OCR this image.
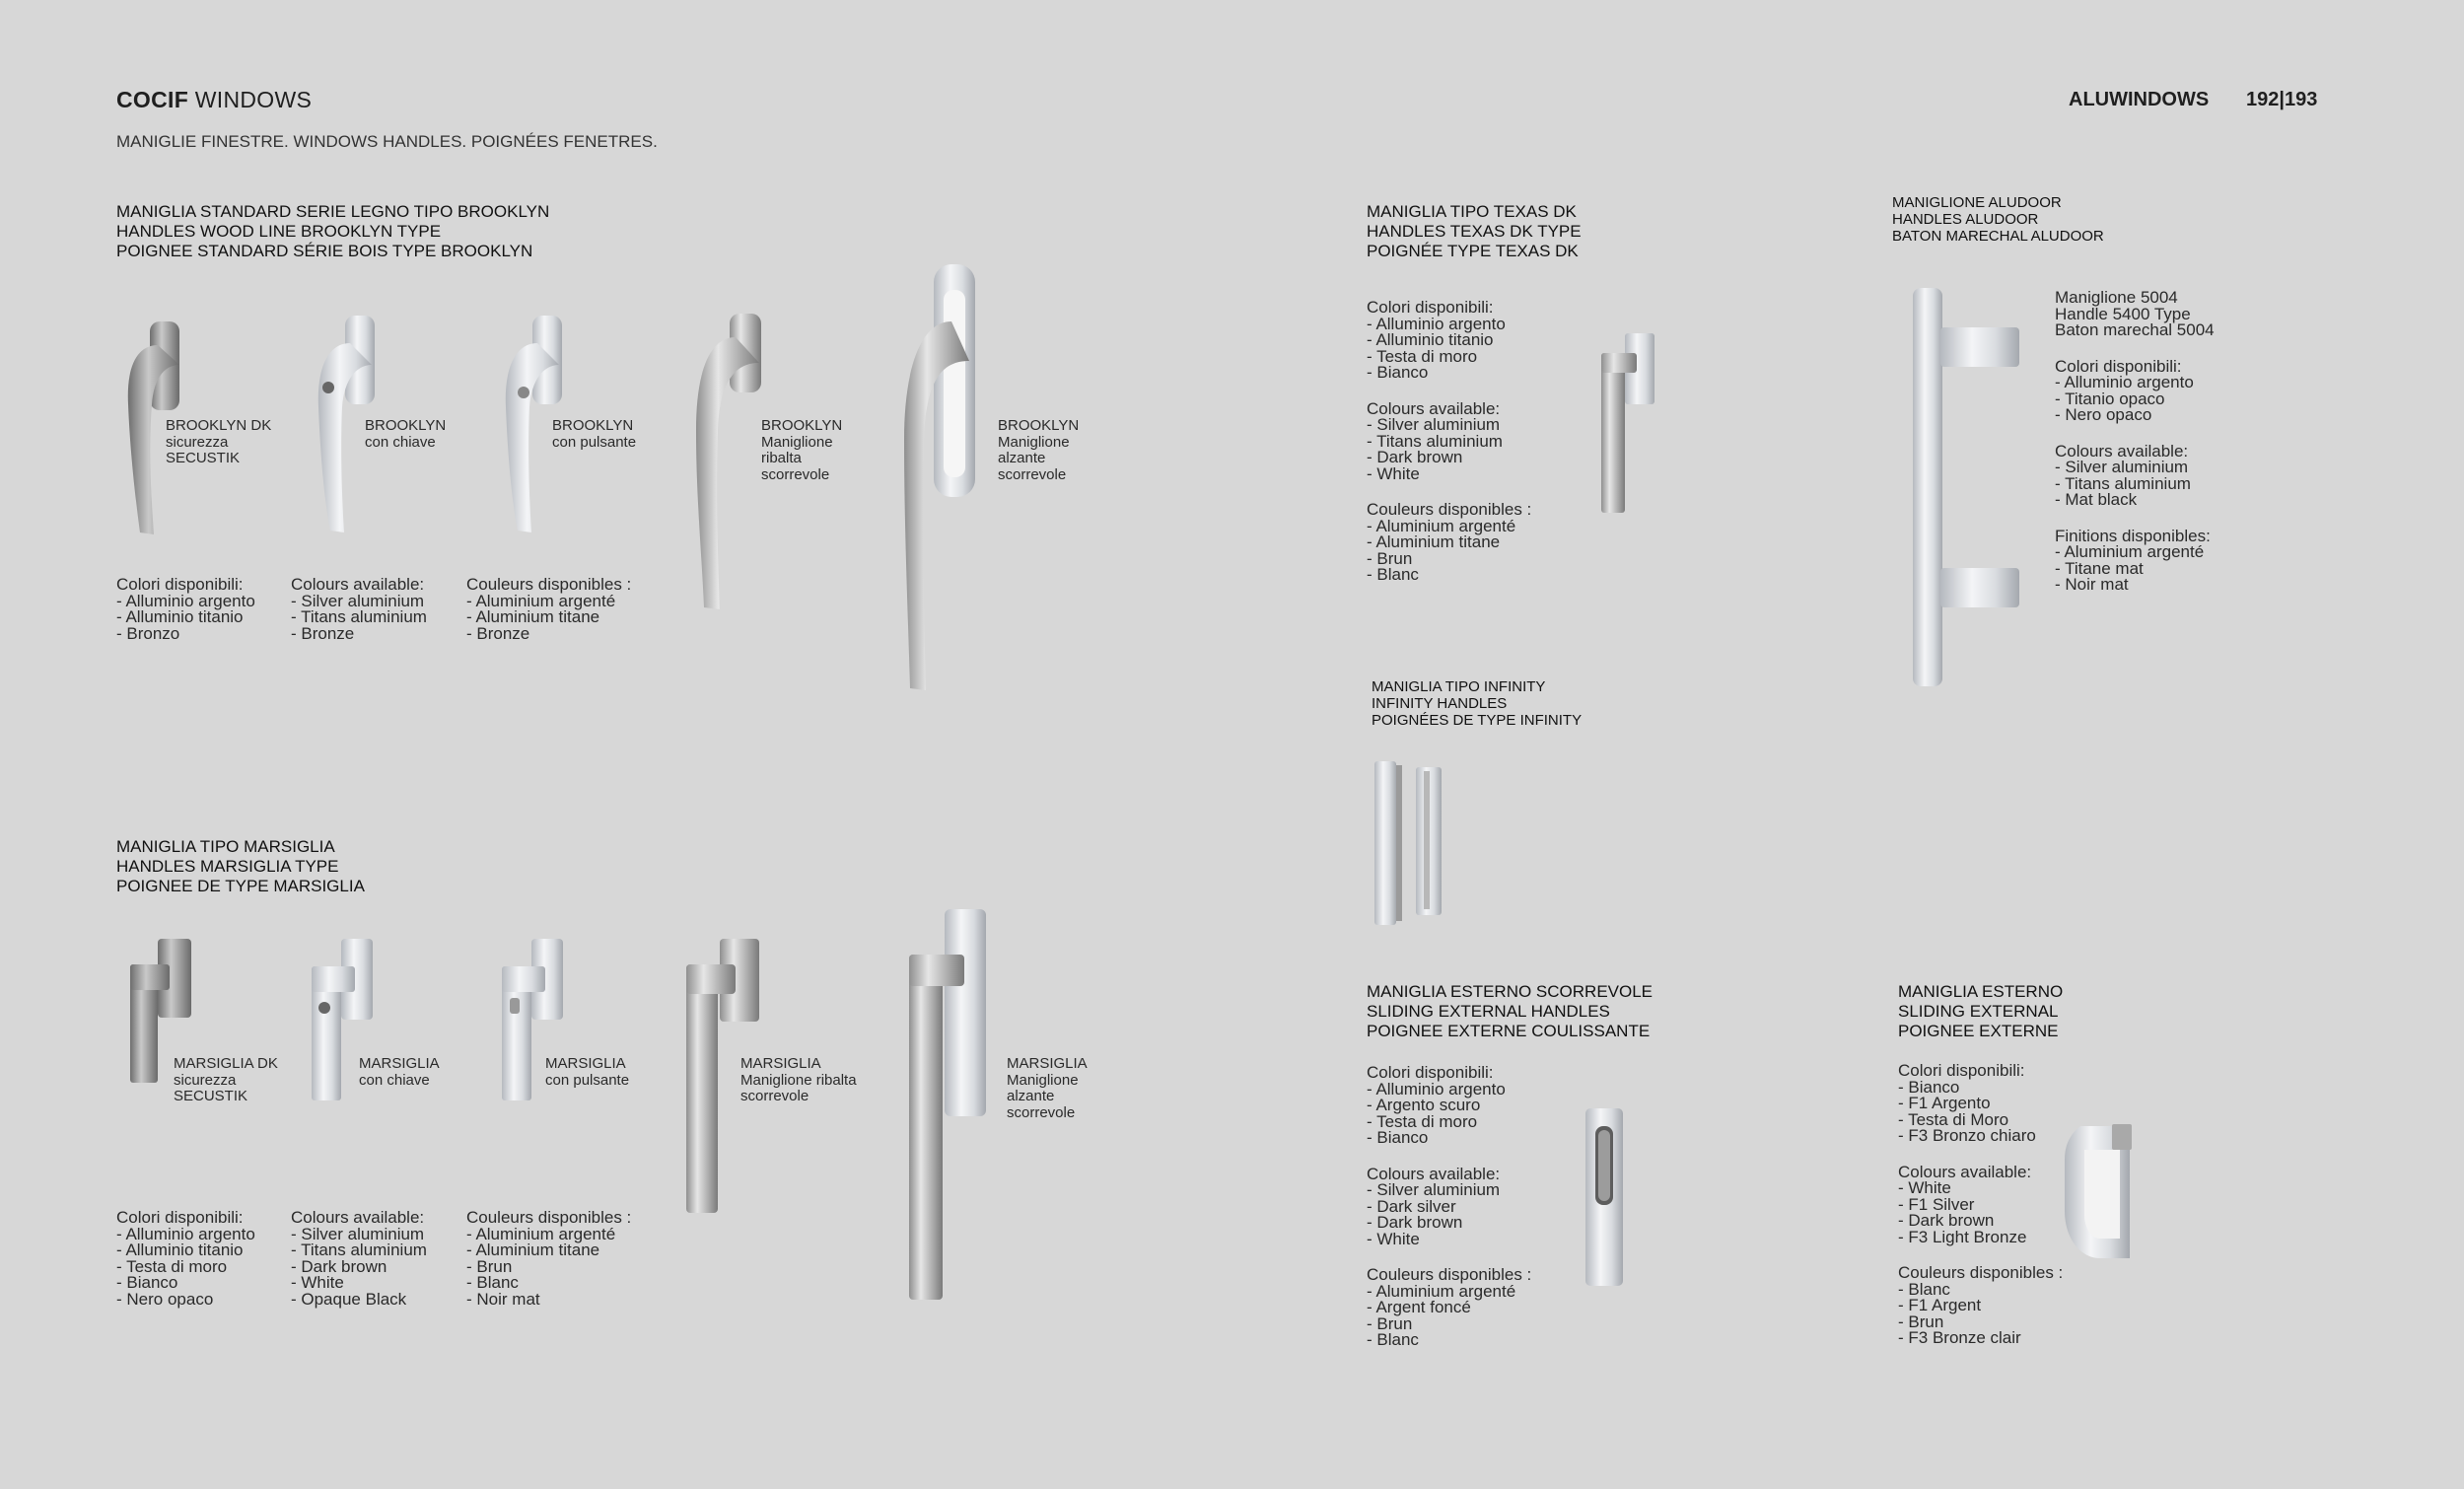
COCIF WINDOWS
MANIGLIE FINESTRE. WINDOWS HANDLES. POIGNÉES FENETRES.
ALUWINDOWS 192|193
MANIGLIA STANDARD SERIE LEGNO TIPO BROOKLYN
HANDLES WOOD LINE BROOKLYN TYPE
POIGNEE STANDARD SÉRIE BOIS TYPE BROOKLYN
BROOKLYN DK
sicurezza
SECUSTIK
BROOKLYN
con chiave
BROOKLYN
con pulsante
BROOKLYN
Maniglione
ribalta
scorrevole
BROOKLYN
Maniglione
alzante
scorrevole
Colori disponibili:
- Alluminio argento
- Alluminio titanio
- Bronzo
Colours available:
- Silver aluminium
- Titans aluminium
- Bronze
Couleurs disponibles :
- Aluminium argenté
- Aluminium titane
- Bronze
MANIGLIA TIPO MARSIGLIA
HANDLES MARSIGLIA TYPE
POIGNEE DE TYPE MARSIGLIA
MARSIGLIA DK
sicurezza
SECUSTIK
MARSIGLIA
con chiave
MARSIGLIA
con pulsante
MARSIGLIA
Maniglione ribalta
scorrevole
MARSIGLIA
Maniglione
alzante
scorrevole
Colori disponibili:
- Alluminio argento
- Alluminio titanio
- Testa di moro
- Bianco
- Nero opaco
Colours available:
- Silver aluminium
- Titans aluminium
- Dark brown
- White
- Opaque Black
Couleurs disponibles :
- Aluminium argenté
- Aluminium titane
- Brun
- Blanc
- Noir mat
MANIGLIA TIPO TEXAS DK
HANDLES TEXAS DK TYPE
POIGNÉE TYPE TEXAS DK
Colori disponibili:
- Alluminio argento
- Alluminio titanio
- Testa di moro
- Bianco
Colours available:
- Silver aluminium
- Titans aluminium
- Dark brown
- White
Couleurs disponibles :
- Aluminium argenté
- Aluminium titane
- Brun
- Blanc
MANIGLIONE ALUDOOR
HANDLES ALUDOOR
BATON MARECHAL ALUDOOR
Maniglione 5004
Handle 5400 Type
Baton marechal 5004
Colori disponibili:
- Alluminio argento
- Titanio opaco
- Nero opaco
Colours available:
- Silver aluminium
- Titans aluminium
- Mat black
Finitions disponibles:
- Aluminium argenté
- Titane mat
- Noir mat
MANIGLIA TIPO INFINITY
INFINITY HANDLES
POIGNÉES DE TYPE INFINITY
MANIGLIA ESTERNO SCORREVOLE
SLIDING EXTERNAL HANDLES
POIGNEE EXTERNE COULISSANTE
Colori disponibili:
- Alluminio argento
- Argento scuro
- Testa di moro
- Bianco
Colours available:
- Silver aluminium
- Dark silver
- Dark brown
- White
Couleurs disponibles :
- Aluminium argenté
- Argent foncé
- Brun
- Blanc
MANIGLIA ESTERNO
SLIDING EXTERNAL
POIGNEE EXTERNE
Colori disponibili:
- Bianco
- F1 Argento
- Testa di Moro
- F3 Bronzo chiaro
Colours available:
- White
- F1 Silver
- Dark brown
- F3 Light Bronze
Couleurs disponibles :
- Blanc
- F1 Argent
- Brun
- F3 Bronze clair
